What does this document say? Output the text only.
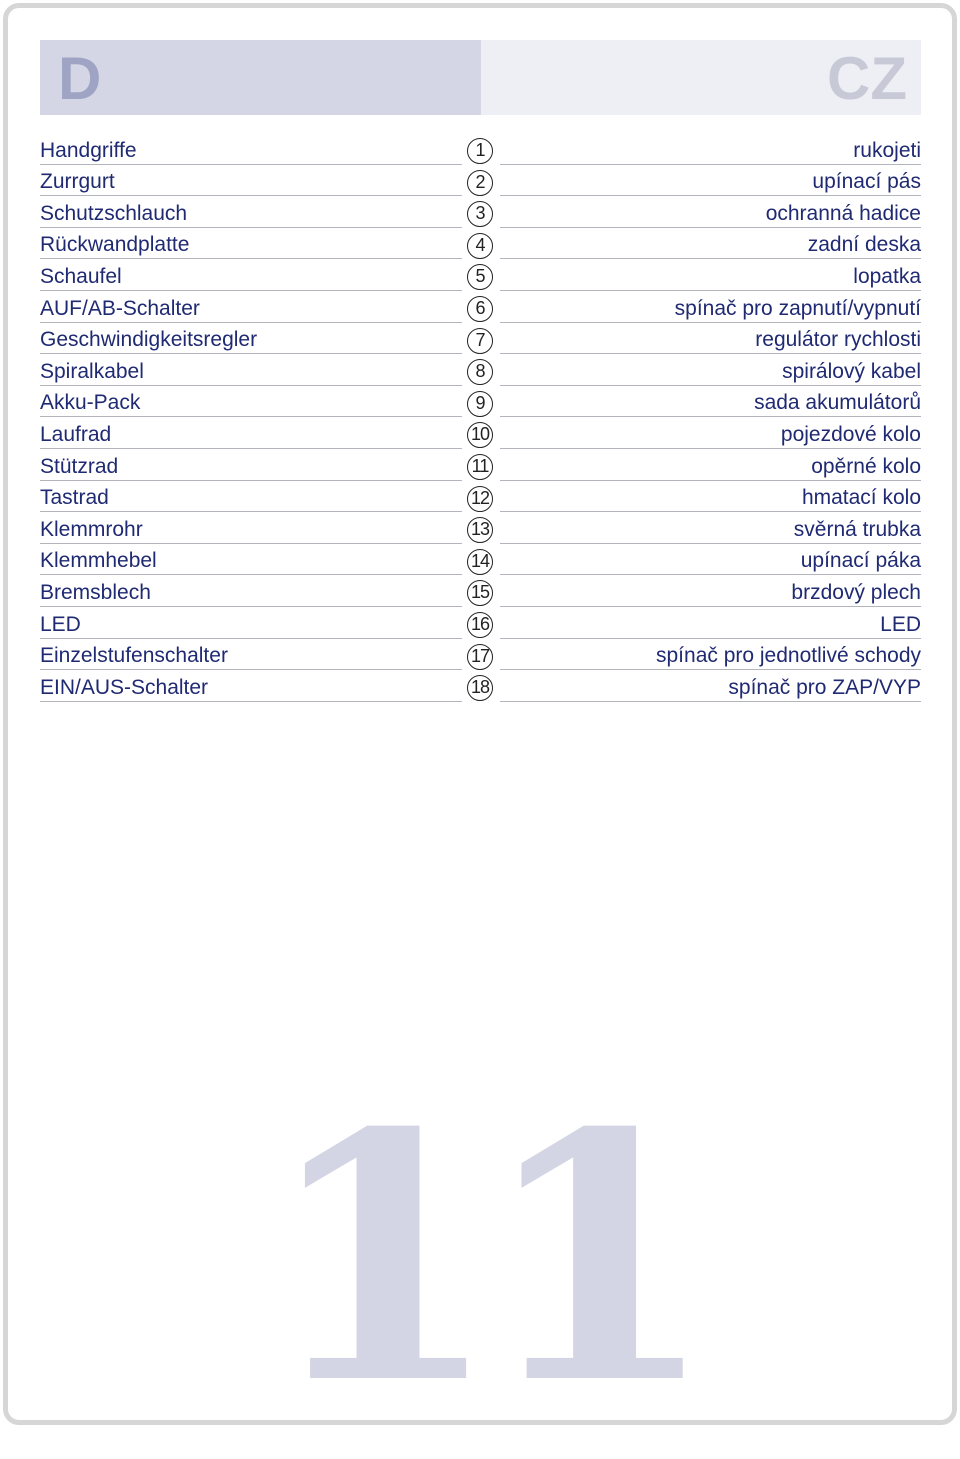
D	CZ
Handgriffe	1	rukojeti
Zurrgurt	2	upínací pás
Schutzschlauch	3	ochranná hadice
Rückwandplatte	4	zadní deska
Schaufel	5	lopatka
AUF/AB-Schalter	6	spínač pro zapnutí/vypnutí
Geschwindigkeitsregler	7	regulátor rychlosti
Spiralkabel	8	spirálový kabel
Akku-Pack	9	sada akumulátorů
Laufrad	10	pojezdové kolo
Stützrad	11	opěrné kolo
Tastrad	12	hmatací kolo
Klemmrohr	13	svěrná trubka
Klemmhebel	14	upínací páka
Bremsblech	15	brzdový plech
LED	16	LED
Einzelstufenschalter	17	spínač pro jednotlivé schody
EIN/AUS-Schalter	18	spínač pro ZAP/VYP
11
